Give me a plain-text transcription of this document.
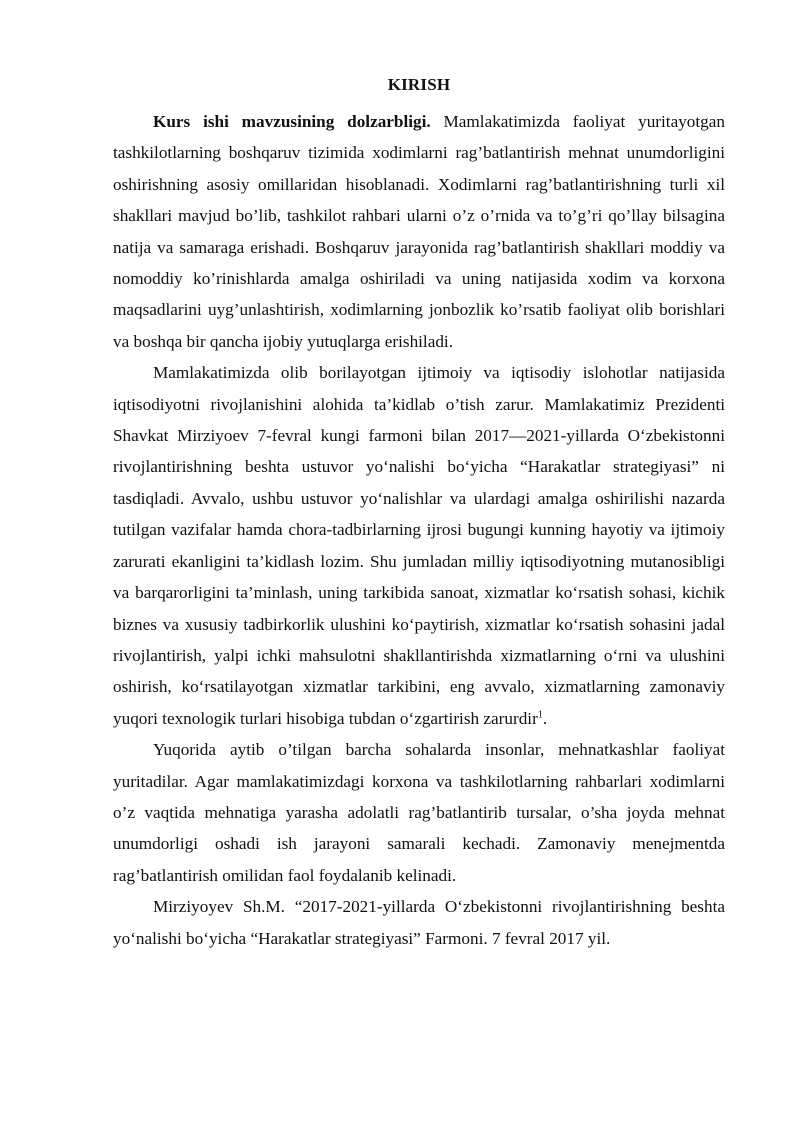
KIRISH

Kurs ishi mavzusining dolzarbligi. Mamlakatimizda faoliyat yuritayotgan tashkilotlarning boshqaruv tizimida xodimlarni rag’batlantirish mehnat unumdorligini oshirishning asosiy omillaridan hisoblanadi. Xodimlarni rag’batlantirishning turli xil shakllari mavjud bo’lib, tashkilot rahbari ularni o’z o’rnida va to’g’ri qo’llay bilsagina natija va samaraga erishadi. Boshqaruv jarayonida rag’batlantirish shakllari moddiy va nomoddiy ko’rinishlarda amalga oshiriladi va uning natijasida xodim va korxona maqsadlarini uyg’unlashtirish, xodimlarning jonbozlik ko’rsatib faoliyat olib borishlari va boshqa bir qancha ijobiy yutuqlarga erishiladi.

Mamlakatimizda olib borilayotgan ijtimoiy va iqtisodiy islohotlar natijasida iqtisodiyotni rivojlanishini alohida ta’kidlab o’tish zarur. Mamlakatimiz Prezidenti Shavkat Mirziyoev 7-fevral kungi farmoni bilan 2017—2021-yillarda O‘zbekistonni rivojlantirishning beshta ustuvor yo‘nalishi bo‘yicha “Harakatlar strategiyasi” ni tasdiqladi. Avvalo, ushbu ustuvor yo‘nalishlar va ulardagi amalga oshirilishi nazarda tutilgan vazifalar hamda chora-tadbirlarning ijrosi bugungi kunning hayotiy va ijtimoiy zarurati ekanligini ta’kidlash lozim. Shu jumladan milliy iqtisodiyotning mutanosibligi va barqarorligini ta’minlash, uning tarkibida sanoat, xizmatlar ko‘rsatish sohasi, kichik biznes va xususiy tadbirkorlik ulushini ko‘paytirish, xizmatlar ko‘rsatish sohasini jadal rivojlantirish, yalpi ichki mahsulotni shakllantirishda xizmatlarning o‘rni va ulushini oshirish, ko‘rsatilayotgan xizmatlar tarkibini, eng avvalo, xizmatlarning zamonaviy yuqori texnologik turlari hisobiga tubdan o‘zgartirish zarurdir$^1$.

Yuqorida aytib o’tilgan barcha sohalarda insonlar, mehnatkashlar faoliyat yuritadilar. Agar mamlakatimizdagi korxona va tashkilotlarning rahbarlari xodimlarni o’z vaqtida mehnatiga yarasha adolatli rag’batlantirib tursalar, o’sha joyda mehnat unumdorligi oshadi ish jarayoni samarali kechadi. Zamonaviy menejmentda rag’batlantirish omilidan faol foydalanib kelinadi.

Mirziyoyev Sh.M. “2017-2021-yillarda O‘zbekistonni rivojlantirishning beshta yo‘nalishi bo‘yicha “Harakatlar strategiyasi” Farmoni. 7 fevral 2017 yil.
